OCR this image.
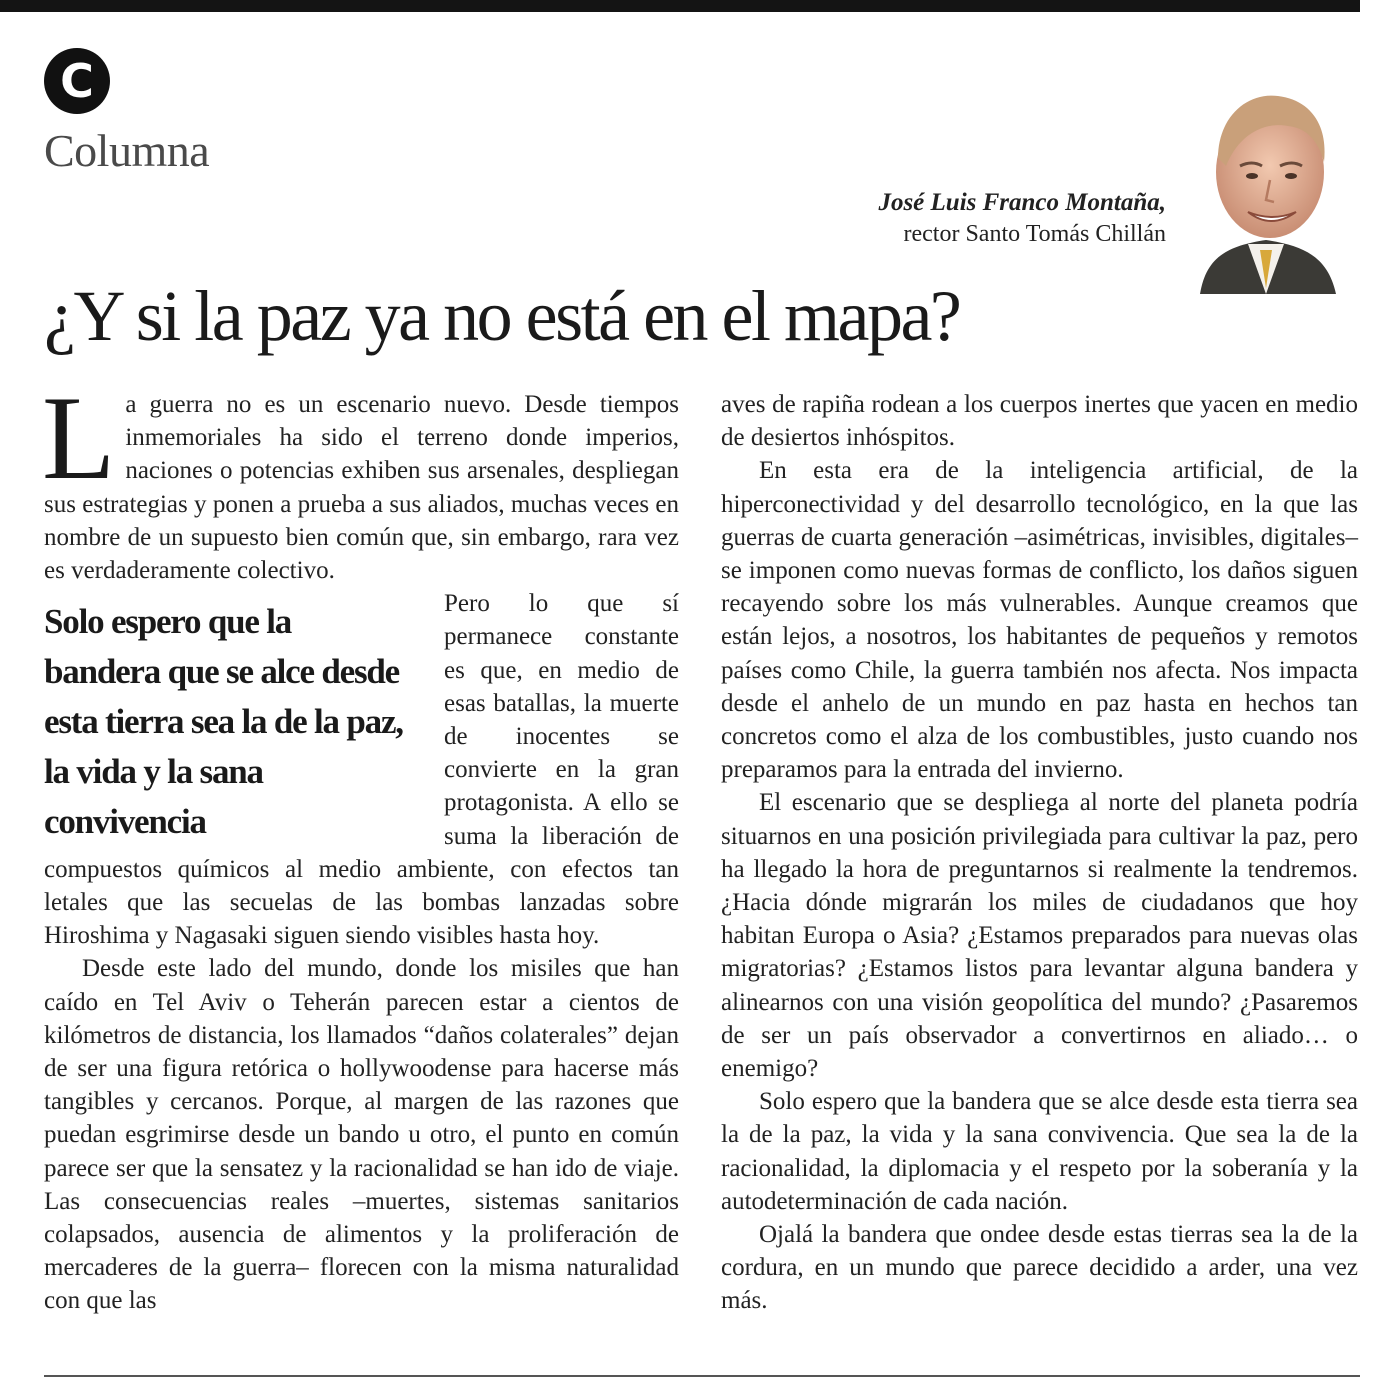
C
Columna
José Luis Franco Montaña,
rector Santo Tomás Chillán
¿Y si la paz ya no está en el mapa?

La guerra no es un escenario nuevo. Desde tiempos inmemoriales ha sido el terreno donde imperios, naciones o potencias exhiben sus arsenales, despliegan sus estrategias y ponen a prueba a sus aliados, muchas veces en nombre de un supuesto bien común que, sin embargo, rara vez es verdaderamente colectivo.

Solo espero que la bandera que se alce desde esta tierra sea la de la paz, la vida y la sana convivencia

Pero lo que sí permanece constante es que, en medio de esas batallas, la muerte de inocentes se convierte en la gran protagonista. A ello se suma la liberación de compuestos químicos al medio ambiente, con efectos tan letales que las secuelas de las bombas lanzadas sobre Hiroshima y Nagasaki siguen siendo visibles hasta hoy.

Desde este lado del mundo, donde los misiles que han caído en Tel Aviv o Teherán parecen estar a cientos de kilómetros de distancia, los llamados “daños colaterales” dejan de ser una figura retórica o hollywoodense para hacerse más tangibles y cercanos. Porque, al margen de las razones que puedan esgrimirse desde un bando u otro, el punto en común parece ser que la sensatez y la racionalidad se han ido de viaje. Las consecuencias reales –muertes, sistemas sanitarios colapsados, ausencia de alimentos y la proliferación de mercaderes de la guerra– florecen con la misma naturalidad con que las

aves de rapiña rodean a los cuerpos inertes que yacen en medio de desiertos inhóspitos.

En esta era de la inteligencia artificial, de la hiperconectividad y del desarrollo tecnológico, en la que las guerras de cuarta generación –asimétricas, invisibles, digitales– se imponen como nuevas formas de conflicto, los daños siguen recayendo sobre los más vulnerables. Aunque creamos que están lejos, a nosotros, los habitantes de pequeños y remotos países como Chile, la guerra también nos afecta. Nos impacta desde el anhelo de un mundo en paz hasta en hechos tan concretos como el alza de los combustibles, justo cuando nos preparamos para la entrada del invierno.

El escenario que se despliega al norte del planeta podría situarnos en una posición privilegiada para cultivar la paz, pero ha llegado la hora de preguntarnos si realmente la tendremos. ¿Hacia dónde migrarán los miles de ciudadanos que hoy habitan Europa o Asia? ¿Estamos preparados para nuevas olas migratorias? ¿Estamos listos para levantar alguna bandera y alinearnos con una visión geopolítica del mundo? ¿Pasaremos de ser un país observador a convertirnos en aliado… o enemigo?

Solo espero que la bandera que se alce desde esta tierra sea la de la paz, la vida y la sana convivencia. Que sea la de la racionalidad, la diplomacia y el respeto por la soberanía y la autodeterminación de cada nación.

Ojalá la bandera que ondee desde estas tierras sea la de la cordura, en un mundo que parece decidido a arder, una vez más.
